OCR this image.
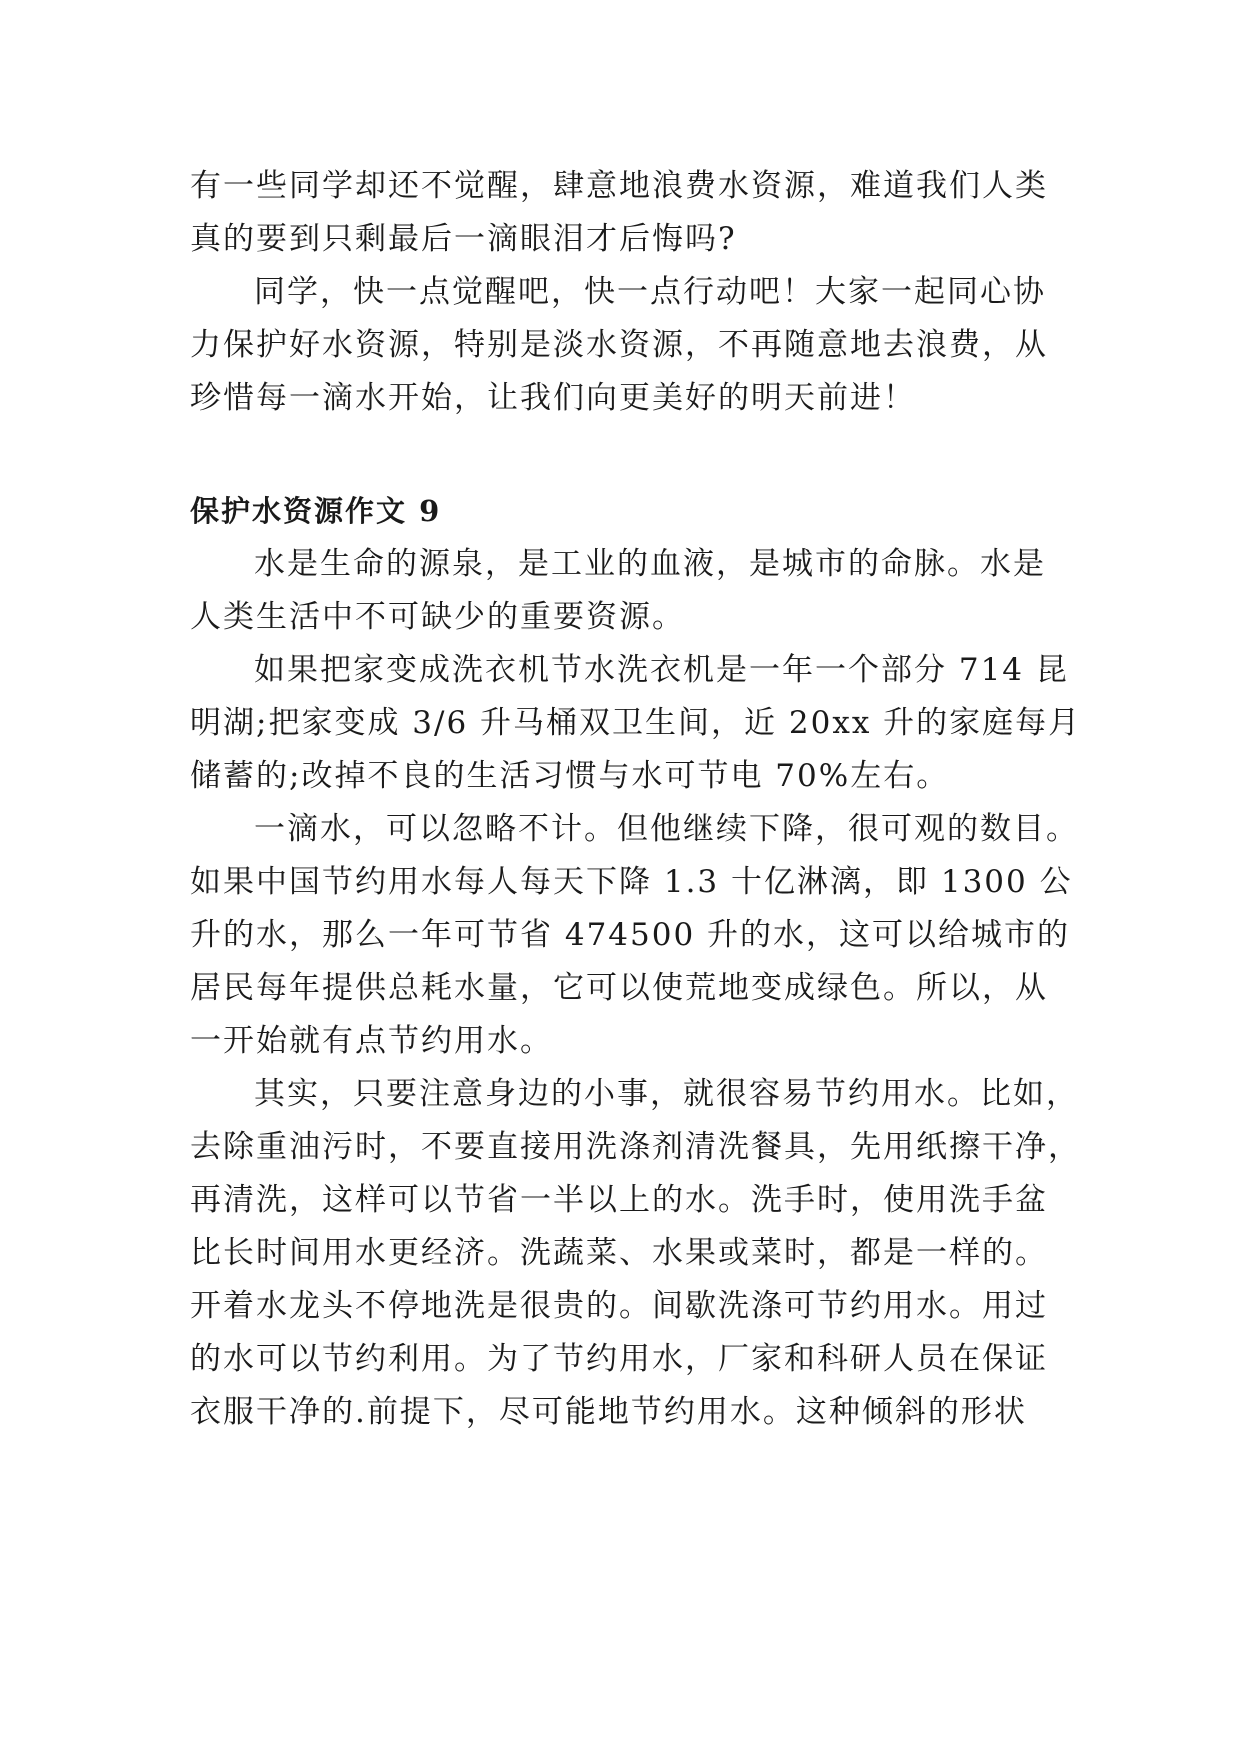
有一些同学却还不觉醒，肆意地浪费水资源，难道我们人类
真的要到只剩最后一滴眼泪才后悔吗?
同学，快一点觉醒吧，快一点行动吧！大家一起同心协
力保护好水资源，特别是淡水资源，不再随意地去浪费，从
珍惜每一滴水开始，让我们向更美好的明天前进！
保护水资源作文 9
水是生命的源泉，是工业的血液，是城市的命脉。水是
人类生活中不可缺少的重要资源。
如果把家变成洗衣机节水洗衣机是一年一个部分 714 昆
明湖;把家变成 3/6 升马桶双卫生间，近 20xx 升的家庭每月
储蓄的;改掉不良的生活习惯与水可节电 70%左右。
一滴水，可以忽略不计。但他继续下降，很可观的数目。
如果中国节约用水每人每天下降 1.3 十亿淋漓，即 1300 公
升的水，那么一年可节省 474500 升的水，这可以给城市的
居民每年提供总耗水量，它可以使荒地变成绿色。所以，从
一开始就有点节约用水。
其实，只要注意身边的小事，就很容易节约用水。比如，
去除重油污时，不要直接用洗涤剂清洗餐具，先用纸擦干净，
再清洗，这样可以节省一半以上的水。洗手时，使用洗手盆
比长时间用水更经济。洗蔬菜、水果或菜时，都是一样的。
开着水龙头不停地洗是很贵的。间歇洗涤可节约用水。用过
的水可以节约利用。为了节约用水，厂家和科研人员在保证
衣服干净的.前提下，尽可能地节约用水。这种倾斜的形状
